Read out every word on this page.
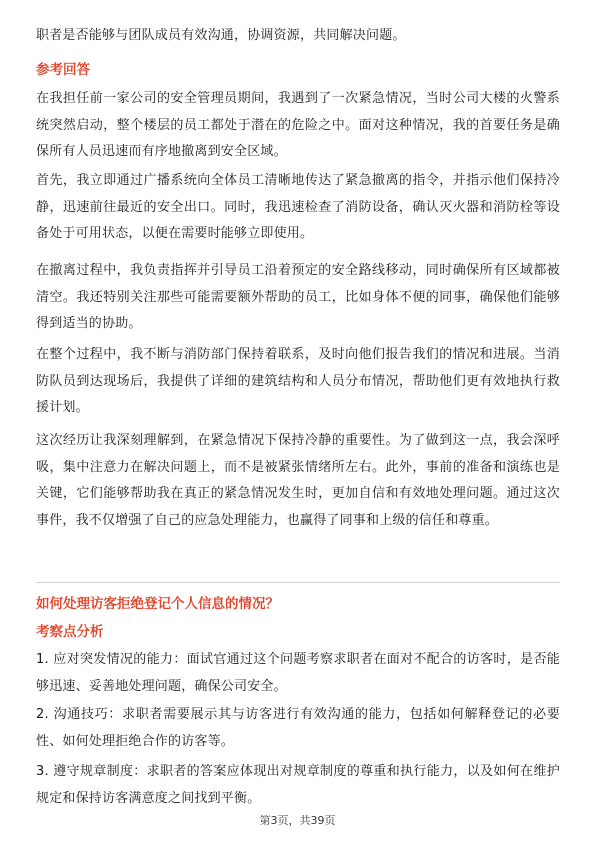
职者是否能够与团队成员有效沟通，协调资源，共同解决问题。

参考回答

在我担任前一家公司的安全管理员期间，我遇到了一次紧急情况，当时公司大楼的火警系统突然启动，整个楼层的员工都处于潜在的危险之中。面对这种情况，我的首要任务是确保所有人员迅速而有序地撤离到安全区域。

首先，我立即通过广播系统向全体员工清晰地传达了紧急撤离的指令，并指示他们保持冷静，迅速前往最近的安全出口。同时，我迅速检查了消防设备，确认灭火器和消防栓等设备处于可用状态，以便在需要时能够立即使用。

在撤离过程中，我负责指挥并引导员工沿着预定的安全路线移动，同时确保所有区域都被清空。我还特别关注那些可能需要额外帮助的员工，比如身体不便的同事，确保他们能够得到适当的协助。

在整个过程中，我不断与消防部门保持着联系，及时向他们报告我们的情况和进展。当消防队员到达现场后，我提供了详细的建筑结构和人员分布情况，帮助他们更有效地执行救援计划。

这次经历让我深刻理解到，在紧急情况下保持冷静的重要性。为了做到这一点，我会深呼吸，集中注意力在解决问题上，而不是被紧张情绪所左右。此外，事前的准备和演练也是关键，它们能够帮助我在真正的紧急情况发生时，更加自信和有效地处理问题。通过这次事件，我不仅增强了自己的应急处理能力，也赢得了同事和上级的信任和尊重。

如何处理访客拒绝登记个人信息的情况？
考察点分析

1. 应对突发情况的能力：面试官通过这个问题考察求职者在面对不配合的访客时，是否能够迅速、妥善地处理问题，确保公司安全。

2. 沟通技巧：求职者需要展示其与访客进行有效沟通的能力，包括如何解释登记的必要性、如何处理拒绝合作的访客等。

3. 遵守规章制度：求职者的答案应体现出对规章制度的尊重和执行能力，以及如何在维护规定和保持访客满意度之间找到平衡。

第3页，共39页
